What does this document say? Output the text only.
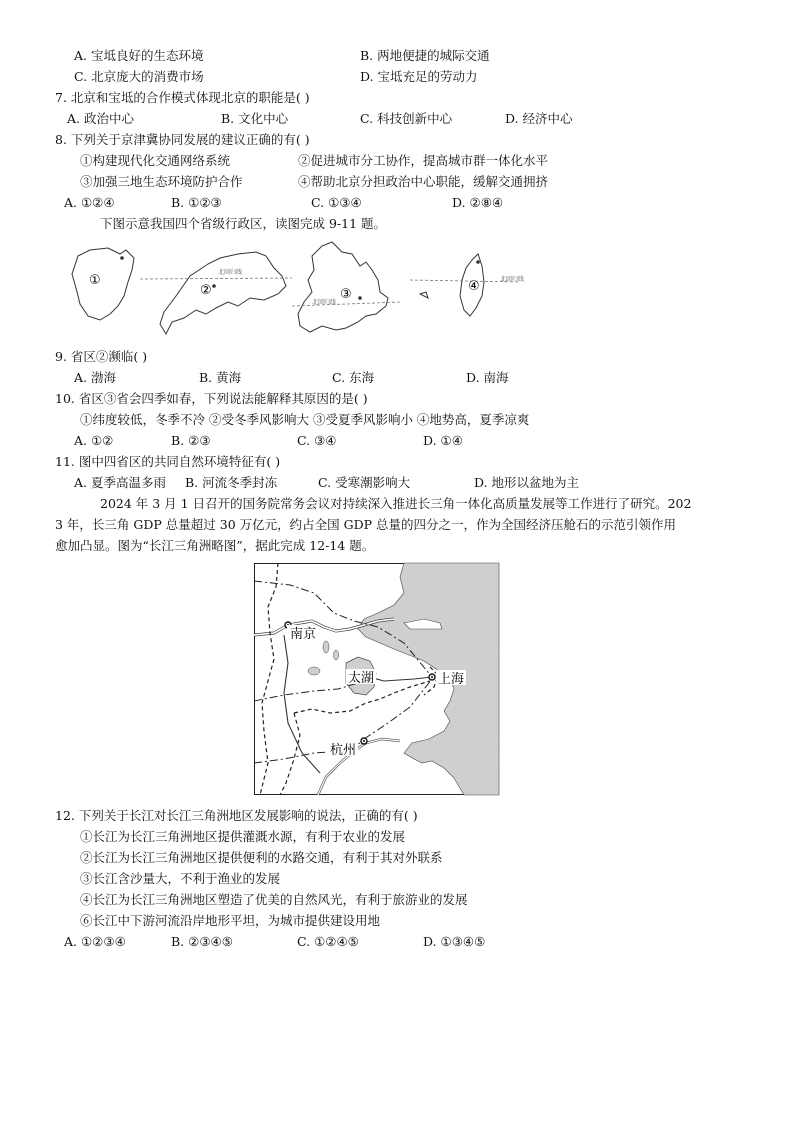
A. 宝坻良好的生态环境	B. 两地便捷的城际交通
C. 北京庞大的消费市场	D. 宝坻充足的劳动力
7. 北京和宝坻的合作模式体现北京的职能是( )
A. 政治中心	B. 文化中心	C. 科技创新中心	D. 经济中心
8. 下列关于京津冀协同发展的建议正确的有( )
①构建现代化交通网络系统	②促进城市分工协作，提高城市群一体化水平
③加强三地生态环境防护合作	④帮助北京分担政治中心职能，缓解交通拥挤
A. ①②④	B. ①②③	C. ①③④	D. ②⑧④
下图示意我国四个省级行政区，读图完成 9-11 题。
北回归线
北回归线
北回归线
①
②	③
④
9. 省区②濒临( )
A. 渤海	B. 黄海	C. 东海	D. 南海
10. 省区③省会四季如春，下列说法能解释其原因的是( )
①纬度较低，冬季不冷 ②受冬季风影响大 ③受夏季风影响小 ④地势高，夏季凉爽
A. ①②	B. ②③	C. ③④	D. ①④
11. 图中四省区的共同自然环境特征有( )
A. 夏季高温多雨 B. 河流冬季封冻	C. 受寒潮影响大	D. 地形以盆地为主
2024 年 3 月 1 日召开的国务院常务会议对持续深入推进长三角一体化高质量发展等工作进行了研究。202
3 年，长三角 GDP 总量超过 30 万亿元，约占全国 GDP 总量的四分之一，作为全国经济压舱石的示范引领作用
愈加凸显。图为“长江三角洲略图”，据此完成 12-14 题。
南京
太湖	上海
杭州
12. 下列关于长江对长江三角洲地区发展影响的说法，正确的有( )
①长江为长江三角洲地区提供灌溉水源，有利于农业的发展
②长江为长江三角洲地区提供便利的水路交通，有利于其对外联系
③长江含沙量大，不利于渔业的发展
④长江为长江三角洲地区塑造了优美的自然风光，有利于旅游业的发展
⑥长江中下游河流沿岸地形平坦，为城市提供建设用地
A. ①②③④	B. ②③④⑤	C. ①②④⑤	D. ①③④⑤
